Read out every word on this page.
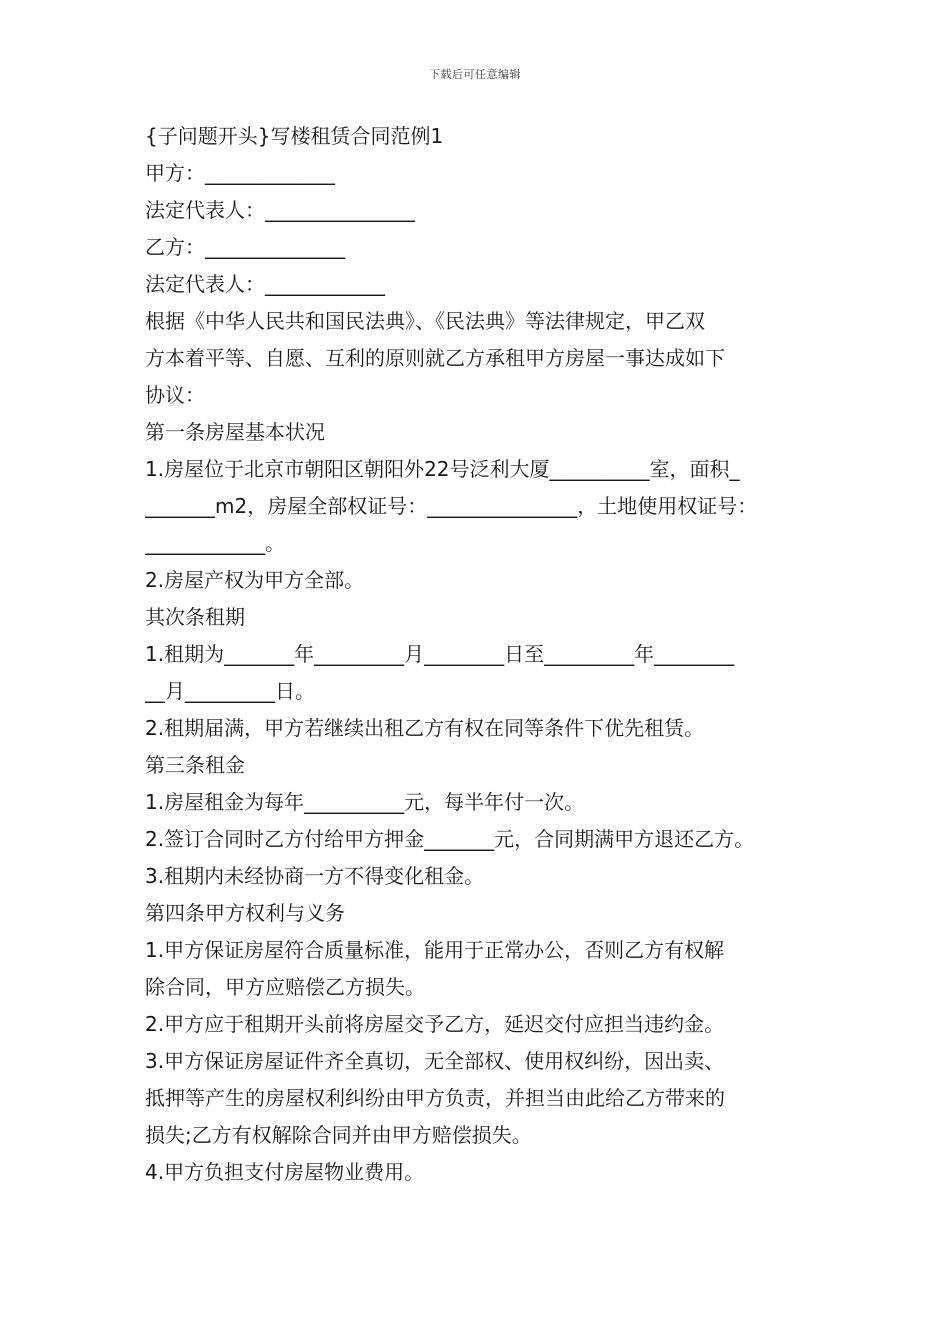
下载后可任意编辑
{子问题开头}写楼租赁合同范例1
甲方：_____________
法定代表人：_______________
乙方：______________
法定代表人：____________
根据《中华人民共和国民法典》、《民法典》等法律规定，甲乙双
方本着平等、自愿、互利的原则就乙方承租甲方房屋一事达成如下
协议：
第一条房屋基本状况
1.房屋位于北京市朝阳区朝阳外22号泛利大厦__________室，面积_
_______m2，房屋全部权证号：_______________，土地使用权证号：
____________。
2.房屋产权为甲方全部。
其次条租期
1.租期为_______年_________月________日至_________年________
__月_________日。
2.租期届满，甲方若继续出租乙方有权在同等条件下优先租赁。
第三条租金
1.房屋租金为每年__________元，每半年付一次。
2.签订合同时乙方付给甲方押金_______元，合同期满甲方退还乙方。
3.租期内未经协商一方不得变化租金。
第四条甲方权利与义务
1.甲方保证房屋符合质量标准，能用于正常办公，否则乙方有权解
除合同，甲方应赔偿乙方损失。
2.甲方应于租期开头前将房屋交予乙方，延迟交付应担当违约金。
3.甲方保证房屋证件齐全真切，无全部权、使用权纠纷，因出卖、
抵押等产生的房屋权利纠纷由甲方负责，并担当由此给乙方带来的
损失;乙方有权解除合同并由甲方赔偿损失。
4.甲方负担支付房屋物业费用。
